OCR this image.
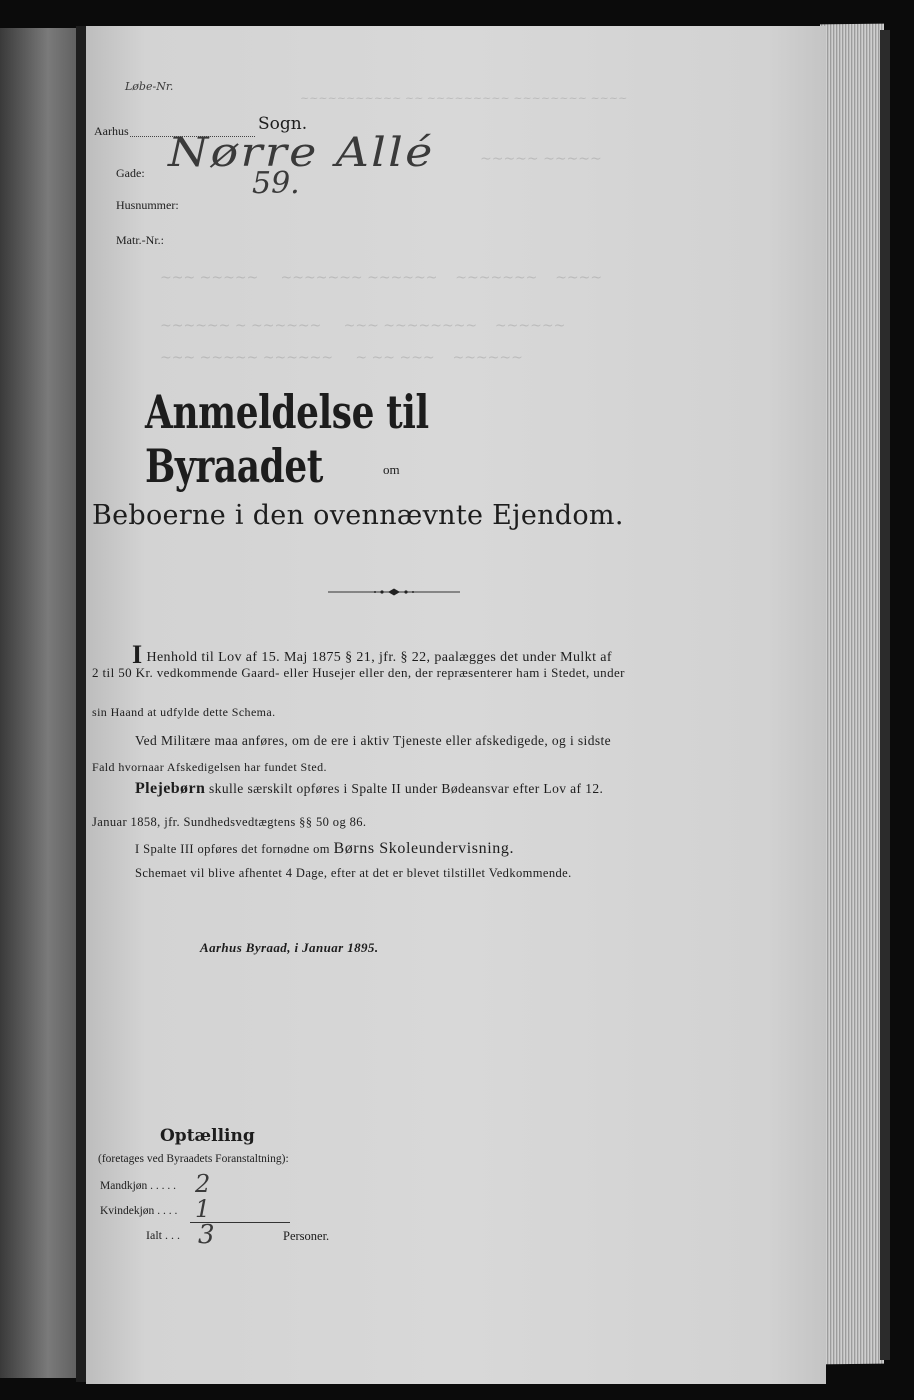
~~~~ ~~~~~~~~ ~~~~~~~~~ ~~ ~~~~~~~~~~~
~~~~~ ~~~~~
~~~ ~~~~~     ~~~~~~~ ~~~~~~    ~~~~~~~    ~~~~
~~~~~~ ~ ~~~~~~     ~~~ ~~~~~~~~    ~~~~~~
~~~ ~~~~~ ~~~~~~     ~ ~~ ~~~    ~~~~~~
Løbe-Nr.
Aarhus	Sogn.
Gade: Nørre Allé
Husnummer:
59.
Matr.-Nr.:
Anmeldelse til Byraadet	om
Beboerne i den ovennævnte Ejendom.
I Henhold til Lov af 15. Maj 1875 § 21, jfr. § 22, paalægges det under Mulkt af
2 til 50 Kr. vedkommende Gaard- eller Husejer eller den, der repræsenterer ham i Stedet, under
sin Haand at udfylde dette Schema.
Ved Militære maa anføres, om de ere i aktiv Tjeneste eller afskedigede, og i sidste
Fald hvornaar Afskedigelsen har fundet Sted.
Plejebørn skulle særskilt opføres i Spalte II under Bødeansvar efter Lov af 12.
Januar 1858, jfr. Sundhedsvedtægtens §§ 50 og 86.
I Spalte III opføres det fornødne om Børns Skoleundervisning.
Schemaet vil blive afhentet 4 Dage, efter at det er blevet tilstillet Vedkommende.
Aarhus Byraad, i Januar 1895.
Optælling
(foretages ved Byraadets Foranstaltning):
Mandkjøn . . . . . 2
Kvindekjøn . . . . 1
Ialt . . . 3	Personer.
